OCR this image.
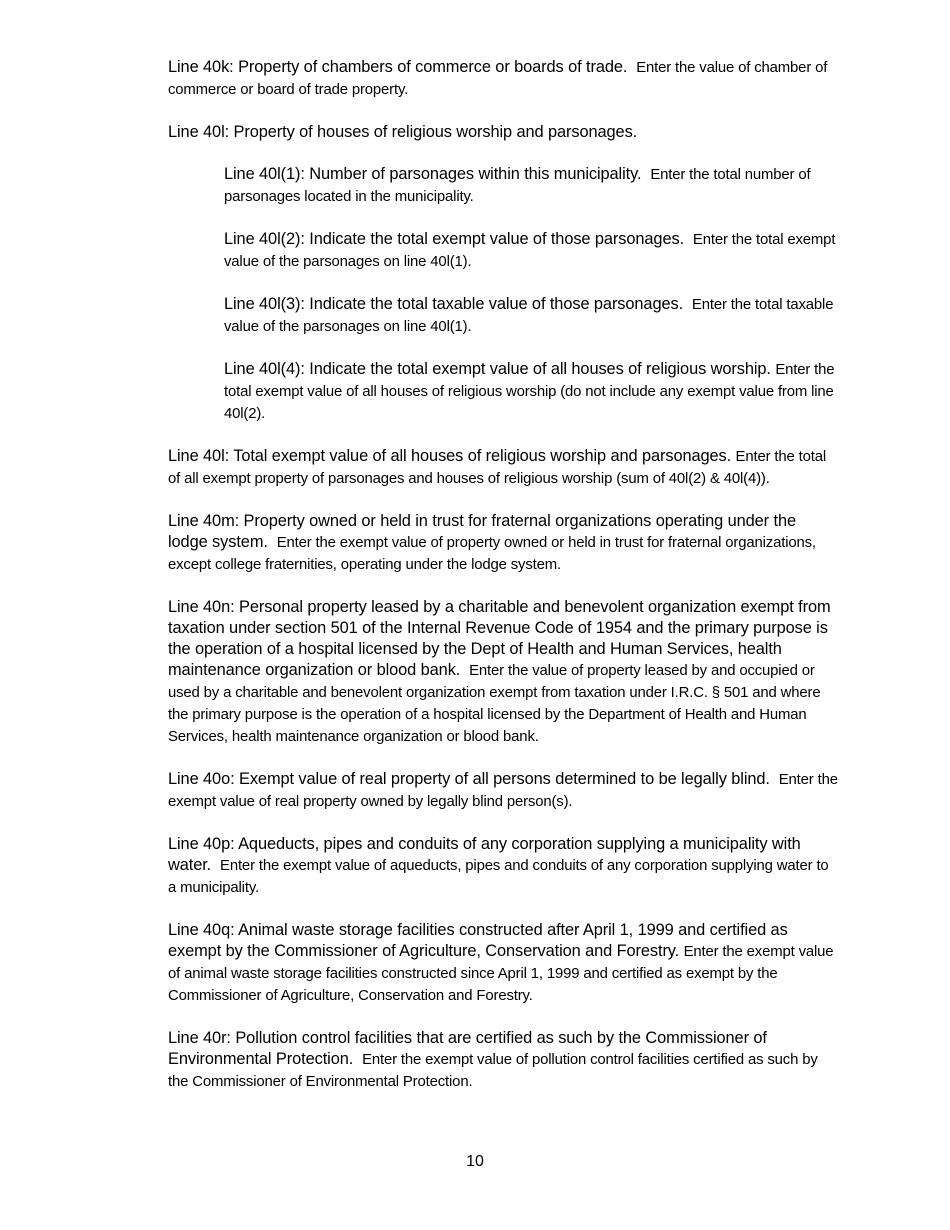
Line 40k: Property of chambers of commerce or boards of trade. Enter the value of chamber of commerce or board of trade property.

Line 40l: Property of houses of religious worship and parsonages.

Line 40l(1): Number of parsonages within this municipality. Enter the total number of parsonages located in the municipality.

Line 40l(2): Indicate the total exempt value of those parsonages. Enter the total exempt value of the parsonages on line 40l(1).

Line 40l(3): Indicate the total taxable value of those parsonages. Enter the total taxable value of the parsonages on line 40l(1).

Line 40l(4): Indicate the total exempt value of all houses of religious worship. Enter the total exempt value of all houses of religious worship (do not include any exempt value from line 40l(2).

Line 40l: Total exempt value of all houses of religious worship and parsonages. Enter the total of all exempt property of parsonages and houses of religious worship (sum of 40l(2) & 40l(4)).

Line 40m: Property owned or held in trust for fraternal organizations operating under the lodge system. Enter the exempt value of property owned or held in trust for fraternal organizations, except college fraternities, operating under the lodge system.

Line 40n: Personal property leased by a charitable and benevolent organization exempt from taxation under section 501 of the Internal Revenue Code of 1954 and the primary purpose is the operation of a hospital licensed by the Dept of Health and Human Services, health maintenance organization or blood bank. Enter the value of property leased by and occupied or used by a charitable and benevolent organization exempt from taxation under I.R.C. § 501 and where the primary purpose is the operation of a hospital licensed by the Department of Health and Human Services, health maintenance organization or blood bank.

Line 40o: Exempt value of real property of all persons determined to be legally blind. Enter the exempt value of real property owned by legally blind person(s).

Line 40p: Aqueducts, pipes and conduits of any corporation supplying a municipality with water. Enter the exempt value of aqueducts, pipes and conduits of any corporation supplying water to a municipality.

Line 40q: Animal waste storage facilities constructed after April 1, 1999 and certified as exempt by the Commissioner of Agriculture, Conservation and Forestry. Enter the exempt value of animal waste storage facilities constructed since April 1, 1999 and certified as exempt by the Commissioner of Agriculture, Conservation and Forestry.

Line 40r: Pollution control facilities that are certified as such by the Commissioner of Environmental Protection. Enter the exempt value of pollution control facilities certified as such by the Commissioner of Environmental Protection.

10
